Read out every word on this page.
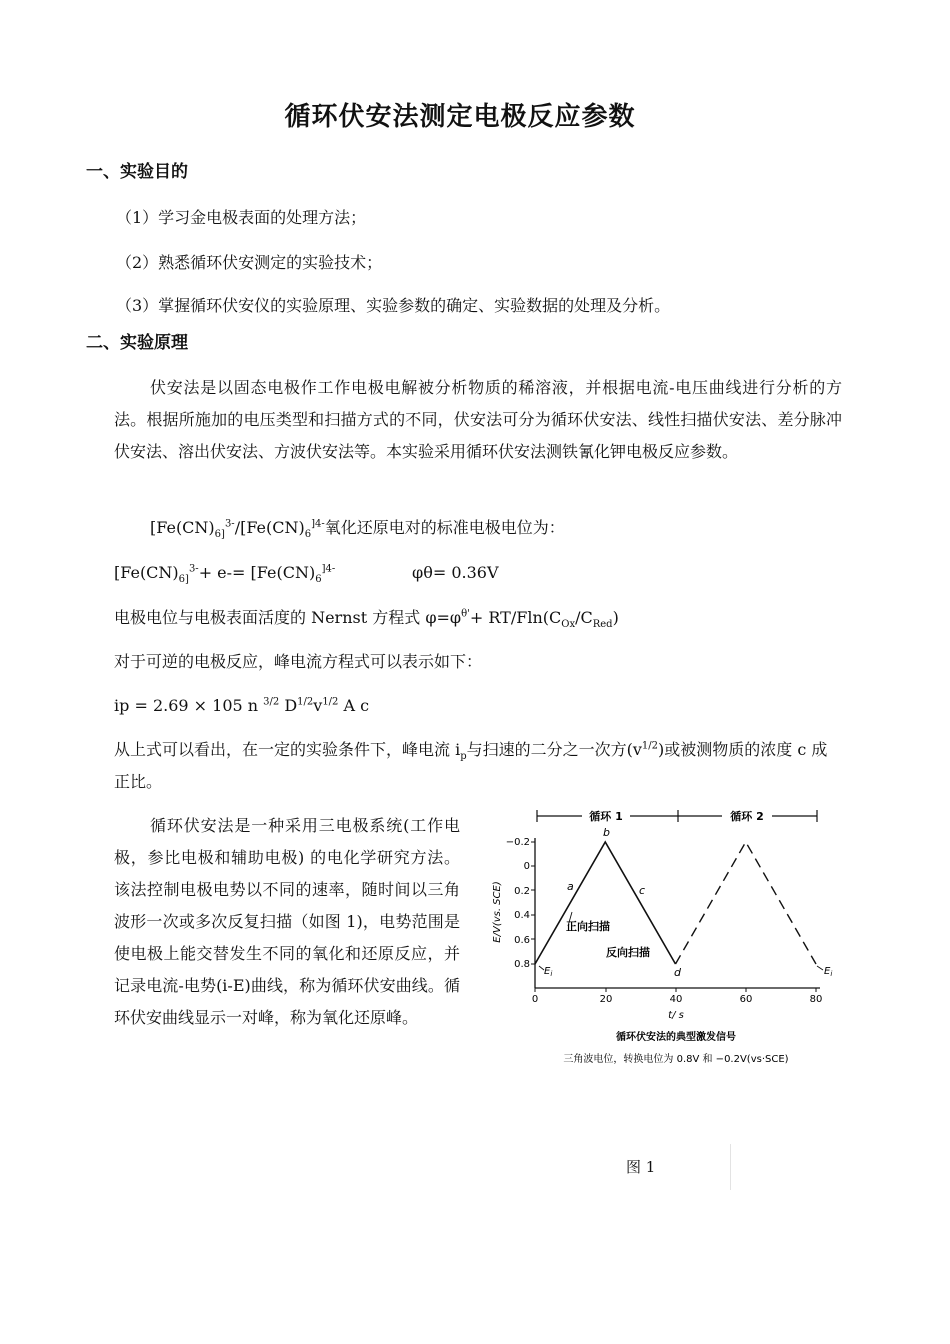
循环伏安法测定电极反应参数
一、实验目的
（1）学习金电极表面的处理方法；
（2）熟悉循环伏安测定的实验技术；
（3）掌握循环伏安仪的实验原理、实验参数的确定、实验数据的处理及分析。
二、实验原理
伏安法是以固态电极作工作电极电解被分析物质的稀溶液，并根据电流-电压曲线进行分析的方法。根据所施加的电压类型和扫描方式的不同，伏安法可分为循环伏安法、线性扫描伏安法、差分脉冲伏安法、溶出伏安法、方波伏安法等。本实验采用循环伏安法测铁氰化钾电极反应参数。
[$Fe(CN)_{6]}^{3-}/[Fe(CN)_6^{]4-}$氧化还原电对的标准电极电位为：
[$Fe(CN)_{6]}^{3-}+ e-= [Fe(CN)_6^{]4-}$	φθ= 0.36V
电极电位与电极表面活度的 Nernst 方程式 $\varphi=\varphi^{\theta'}+ RT/Fln(C_{Ox}/C_{Red})$
对于可逆的电极反应，峰电流方程式可以表示如下：
ip = 2.69 × 105 n $^{3/2}$ $D^{1/2}v^{1/2}$ A c
从上式可以看出，在一定的实验条件下，峰电流 $i_p$与扫速的二分之一次方$(v^{1/2})$或被测物质的浓度 c 成正比。
循环伏安法是一种采用三电极系统(工作电极，参比电极和辅助电极) 的电化学研究方法。该法控制电极电势以不同的速率，随时间以三角波形一次或多次反复扫描（如图 1)，电势范围是使电极上能交替发生不同的氧化和还原反应，并记录电流-电势(i-E)曲线，称为循环伏安曲线。循环伏安曲线显示一对峰，称为氧化还原峰。
循环 1	循环 2
−0.2
0
0.2
0.4
0.6
0.8
0	20	40	60	80
E/V(vs. SCE)
t/ s
b
a	c
d
正向扫描
反向扫描
$E_i$	$E_i$
循环伏安法的典型激发信号
三角波电位，转换电位为 0.8V 和 −0.2V(vs·SCE)
图 1
